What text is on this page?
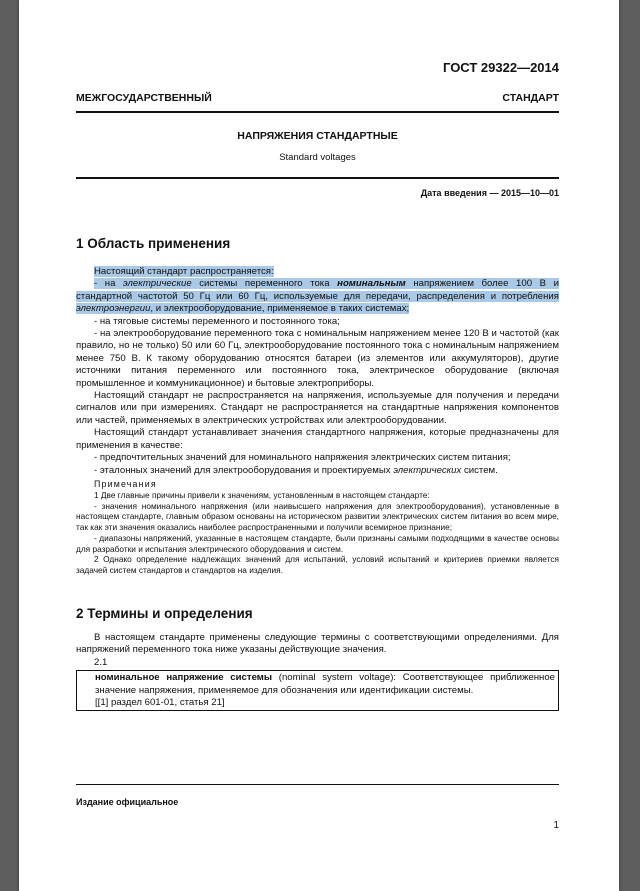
ГОСТ 29322—2014
МЕЖГОСУДАРСТВЕННЫЙ СТАНДАРТ
НАПРЯЖЕНИЯ СТАНДАРТНЫЕ
Standard voltages
Дата введения — 2015—10—01
1 Область применения

Настоящий стандарт распространяется:

- на электрические системы переменного тока номинальным напряжением более 100 В и стандартной частотой 50 Гц или 60 Гц, используемые для передачи, распределения и потребления электроэнергии, и электрооборудование, применяемое в таких системах;

- на тяговые системы переменного и постоянного тока;

- на электрооборудование переменного тока с номинальным напряжением менее 120 В и частотой (как правило, но не только) 50 или 60 Гц, электрооборудование постоянного тока с номинальным напряжением менее 750 В. К такому оборудованию относятся батареи (из элементов или аккумуляторов), другие источники питания переменного или постоянного тока, электрическое оборудование (включая промышленное и коммуникационное) и бытовые электроприборы.

Настоящий стандарт не распространяется на напряжения, используемые для получения и передачи сигналов или при измерениях. Стандарт не распространяется на стандартные напряжения компонентов или частей, применяемых в электрических устройствах или электрооборудовании.

Настоящий стандарт устанавливает значения стандартного напряжения, которые предназначены для применения в качестве:

- предпочтительных значений для номинального напряжения электрических систем питания;

- эталонных значений для электрооборудования и проектируемых электрических систем.

Примечания

1 Две главные причины привели к значениям, установленным в настоящем стандарте:

- значения номинального напряжения (или наивысшего напряжения для электрооборудования), установленные в настоящем стандарте, главным образом основаны на историческом развитии электрических систем питания во всем мире, так как эти значения оказались наиболее распространенными и получили всемирное признание;

- диапазоны напряжений, указанные в настоящем стандарте, были признаны самыми подходящими в качестве основы для разработки и испытания электрического оборудования и систем.

2 Однако определение надлежащих значений для испытаний, условий испытаний и критериев приемки является задачей систем стандартов и стандартов на изделия.

2 Термины и определения

В настоящем стандарте применены следующие термины с соответствующими определениями. Для напряжений переменного тока ниже указаны действующие значения.

2.1

номинальное напряжение системы (nominal system voltage): Соответствующее приближенное значение напряжения, применяемое для обозначения или идентификации системы.

[[1] раздел 601-01, статья 21]

Издание официальное
1
